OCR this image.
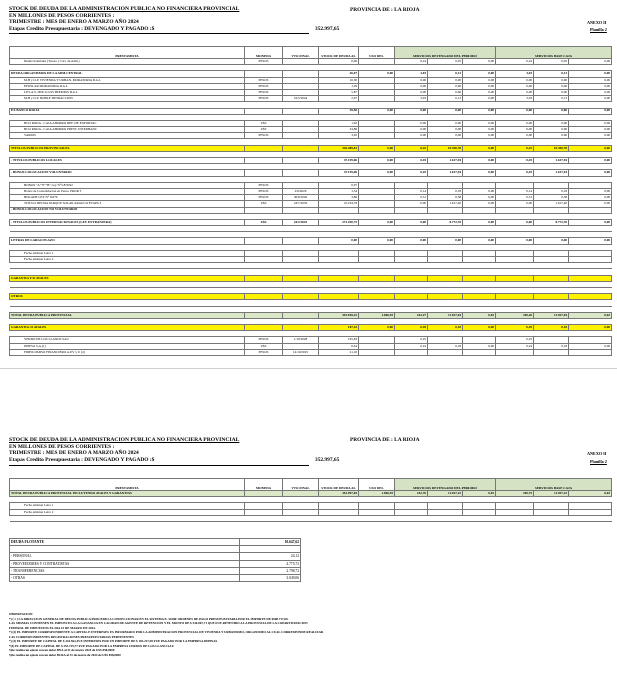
STOCK DE DEUDA DE LA ADMINISTRACION PUBLICA NO FINANCIERA PROVINCIAL	PROVINCIA DE : LA RIOJA
EN MILLONES DE PESOS CORRIENTES :
TRIMESTRE : MES DE ENERO A MARZO AÑO 2024	ANEXO II
Etapas Credito Presupuestaria : DEVENGADO Y PAGADO :$	352.997,65	Planilla 2
PRESTAMISTA	MONEDA	VTO FINAL	STOCK DE DEUDA AL	USO DEL	SERVICIOS DEVENGADO DEL PERIODO			SERVICIOS BASE CAJA		
Deuda Salariales (Tesoro y Ctrl. de Adm.)	PESOS		0,00		0,24	0,05	0,00	0,24	0,05	0,00

DEUDA ORGANISMOS DE LA ADM.CENTRAL			26,07	0,00	3,03	0,13	0,00	3,03	0,13	0,00
M.H y O.P. VIVIENDA Y URBAN. MORATORIA D.G.I.	PESOS		16,30		0,00	0,00	0,00	0,00	0,00	0,00
EPOSLAR MORATORIA D.G.I.	PESOS		1,29		0,00	0,00	0,00	0,00	0,00	0,00
I.P.S.A.S. IMP. A LOS PREMIOS D.G.I.	PESOS		5,87		0,00	0,00	0,00	0,00	0,00	0,00
M.H y O.P. DOBLE DETRACCION	PESOS	16/5/2024	2,07		3,03	0,13	0,00	3,03	0,13	0,00

EX BANCO RIOJA			39,56	0,00	0,00	0,00	0,00	0,00	0,00	0,00

BCO RIOJA - CAJA AHORRO REF. DE EXPORTAC	U$S		1,02		0,00	0,00	0,00	0,00	0,00	0,00
BCO RIOJA - CAJA AHORRO PREST. INTERBANC	U$S		34,89		0,00	0,00	0,00	0,00	0,00	0,00
VARIOS	PESOS		3,65		0,00	0,00	0,00	0,00	0,00	0,00

TITULOS PUBLICOS PROVINCIALES			320.489,81	0,00	0,45	10.390,78	0,00	0,45	10.390,78	0,00

- TITULOS PUBLICOS LOCALES			47.199,06	0,00	0,45	1.617,94	0,00	0,45	1.617,94	0,00

- BONOS COLOCACION VOLUNTARIO			47.199,06	0,00	0,45	1.617,94	0,00	0,45	1.617,94	0,00

BONOS "A""E""B" Ley N°5.876/92	PESOS		0,07							
Bonos de Consolidacion en Pesos. PROR 3	PESOS	2/6/2026	1,34		0,14	0,18	0,00	0,14	0,18	0,00
BOCADE LEY N° 8.679	PESOS	30/6/2026	3,86		0,31	0,38	0,00	0,31	0,38	0,00
TITULO DEUDA PARQUE SOLAR ARAUCO ETAPA 3	U$S	18/7/2032	47.194,79		0,00	1.617,40	0,00	0,00	1.617,40	0,00
- BONOS COLOCACION NO VOLUNTARIO										

- TITULOS PUBLICOS INTERNACIONALES (LEY EXTRANJERA)	U$S	24/2/2025	273.290,75	0,00	0,00	8.772,76	0,00	0,00	8.772,76	0,00

LETRAS DE LARGO PLAZO			0,00	0,00	0,00	0,00	0,00	0,00	0,00	0,00

Fecha emision Letra 1										
Fecha emision Letra 2										

GARANTIA Y/O AVALES										

OTROS										

TOTAL DEUDA PUBLICA PROVINCIAL			352.818,22	1.066,55	242,27	11.027,04	0,02	240,26	11.027,04	0,02

GARANTIA /O AVALES			187,43	0,00	0,49	0,18	0,00	0,49	0,18	0,00

YERDO DE LOS LLANOS SAU	PESOS	1/10/2028	165,83		0,25			0,25		
DIPPSA S.A.(1)	U$S		0,44		0,24	0,18	0,00	0,24	0,18	0,00
FIDEICOMISO FINANCIERO A.P.V y U (2)	PESOS	14/10/2025	21,16							
STOCK DE DEUDA DE LA ADMINISTRACION PUBLICA NO FINANCIERA PROVINCIAL	PROVINCIA DE : LA RIOJA
EN MILLONES DE PESOS CORRIENTES :
TRIMESTRE : MES DE ENERO A MARZO AÑO 2024	ANEXO II
Etapas Credito Presupuestaria : DEVENGADO Y PAGADO :$	352.997,65	Planilla 2
PRESTAMISTA	MONEDA	VTO FINAL	STOCK DE DEUDA AL	USO DEL	SERVICIOS DEVENGADO DEL PERIODO			SERVICIOS BASE CAJA		
TOTAL DEUDA PUBLICA PROVINCIAL INCLUYENDO AVALES Y GARANTIAS			352.997,65	1.066,55	242,76	11.027,22	0,02	240,75	11.027,22	0,02

Fecha emision Letra 1										
Fecha emision Letra 2										

DEUDA FLOTANTE	10.647,62

- PERSONAL	24,12
- PROVEEDORES Y CONTRATISTAS	4.775,72
- TRANSFERENCIAS	2.798,72
- OTRAS	3.049,06
OBSERVACION:
*) ( 1 ) LA DIRECCION GENERAL DE DEUDA PUBLICA PROCEDIO A CONFECCIONAR EN EL SISTEMA E- SIDIF ORDENES DE PAGO PRESUPUESTARIA POR EL IMPORTE DE $608.717,00.
LAS MISMAS CONTIENEN EL IMPUESTO A LA GANANCIA EN CALIDAD DE AGENTE DE RETENCION Y EL MONTO DE $ 530.067,71 QUE FUE RETENIDO A LA PROVINCIA DE LA COPARTICIPACION
FEDERAL DE IMPUESTOS EL DIA 15 DE MARZO DE 2024.
*) (2) EL IMPORTE CORRESPONDIENTE A CAPITAL E INTERESES ES INFORMADO POR LA ADMINISTRACION PROVINCIAL DE VIVIENDA Y URBANISMO, ORGANISMO AL CUAL CORRESPONDE REALIZAR
LAS CORRESPONDIENTES REGISTRACIONES PRESUPUESTARIAS PERTINENTES
*) (3) EL IMPORTE DE CAPITAL DE $ 244.562,45 E INTERESES POR UN IMPORTE DE $ 182.217,58 FUE PAGADO POR LA EMPRESA DIPPSAS
*(4) EL IMPORTE DE CAPITAL DE $ 253.729,77 FUE PAGADO POR LA EMPRESA CERDOS DE LOS LLANO SAU
5)Se realiza un ajuste con un dolar BNA al 31 de marzo 2024 de U$S 858,0000
5)Se realiza un ajuste con un dolar BCRA al 31 de marzo de 2024 de U$S 858,0000
